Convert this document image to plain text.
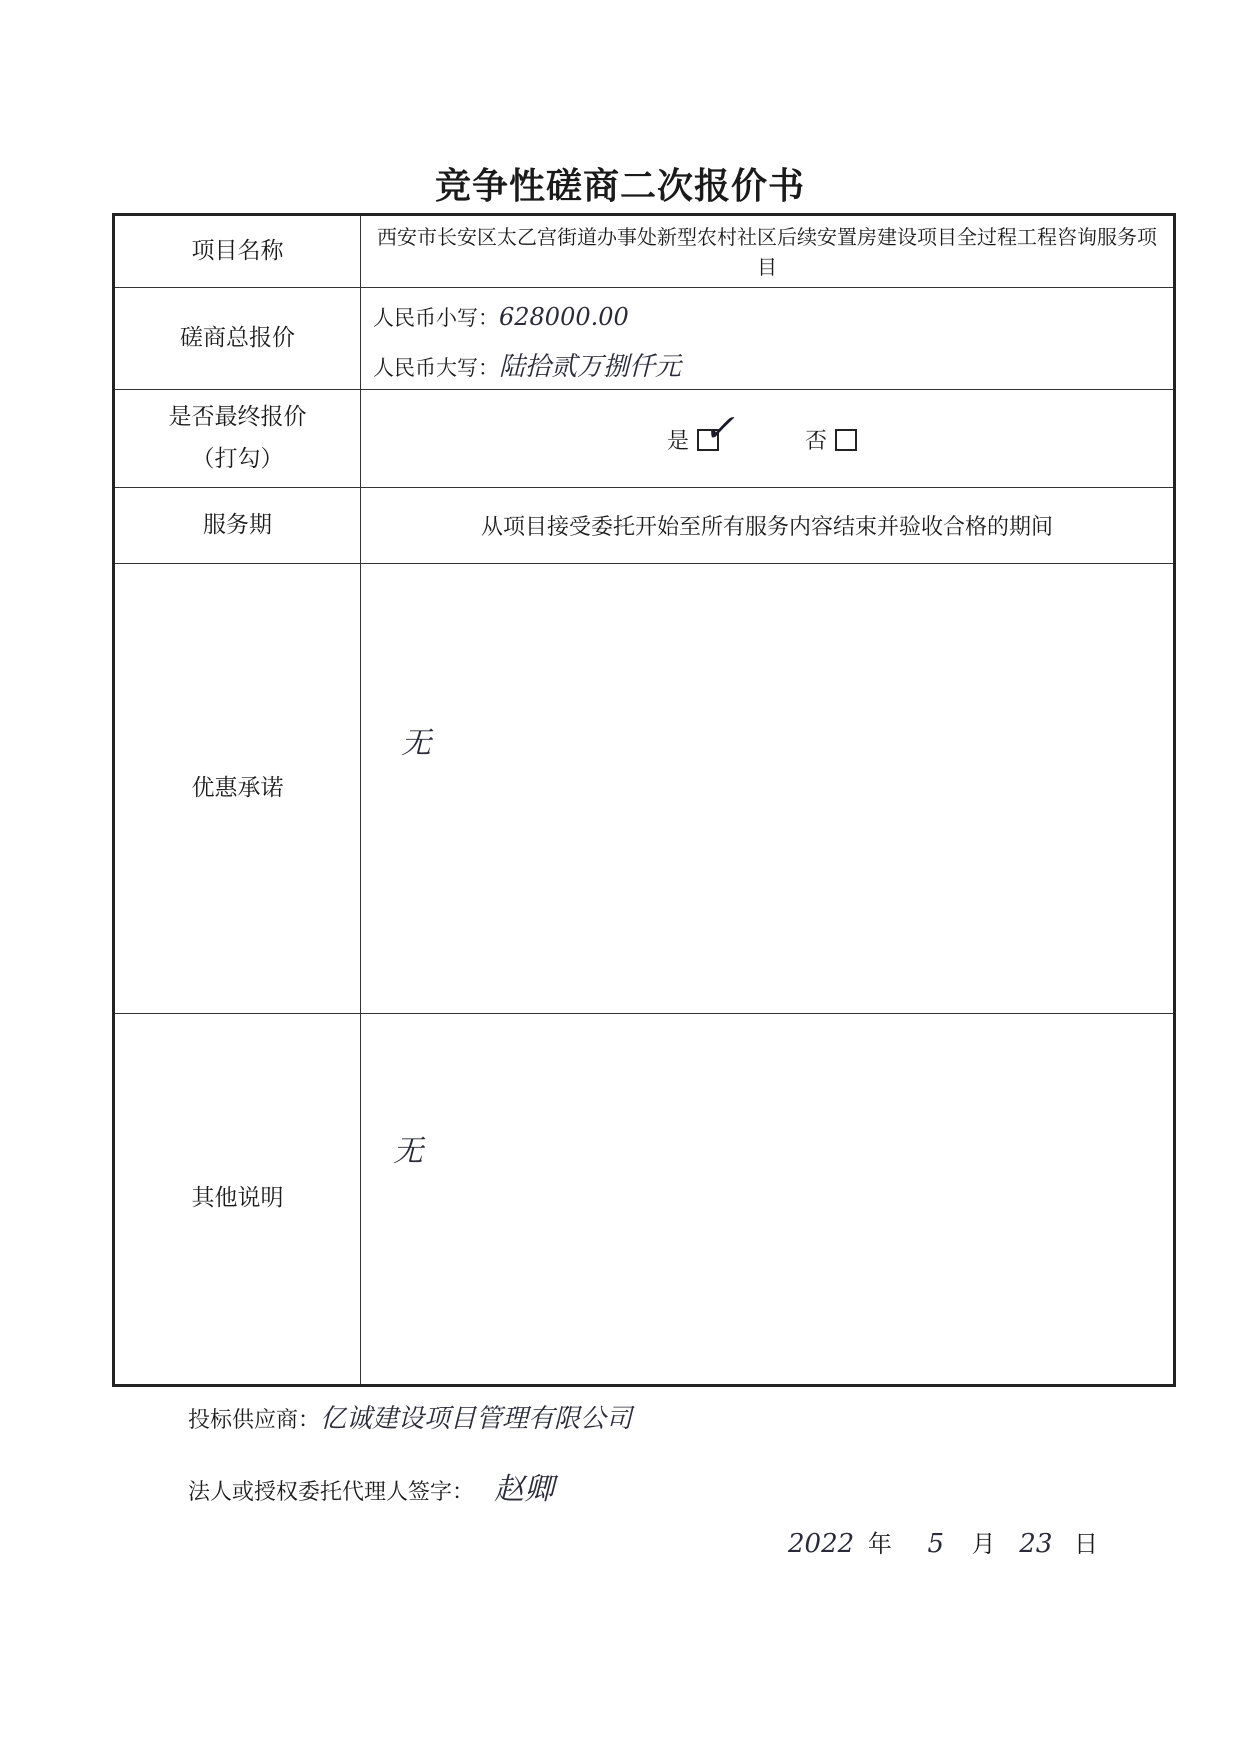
竞争性磋商二次报价书
项目名称
西安市长安区太乙宫街道办事处新型农村社区后续安置房建设项目全过程工程咨询服务项目
磋商总报价
人民币小写：628000.00
人民币大写：陆拾贰万捌仟元
是否最终报价
（打勾）
是 ✓	否
服务期	从项目接受委托开始至所有服务内容结束并验收合格的期间
优惠承诺
无
其他说明
无
投标供应商：亿诚建设项目管理有限公司
法人或授权委托代理人签字： 赵卿
2022 年 5 月 23 日
